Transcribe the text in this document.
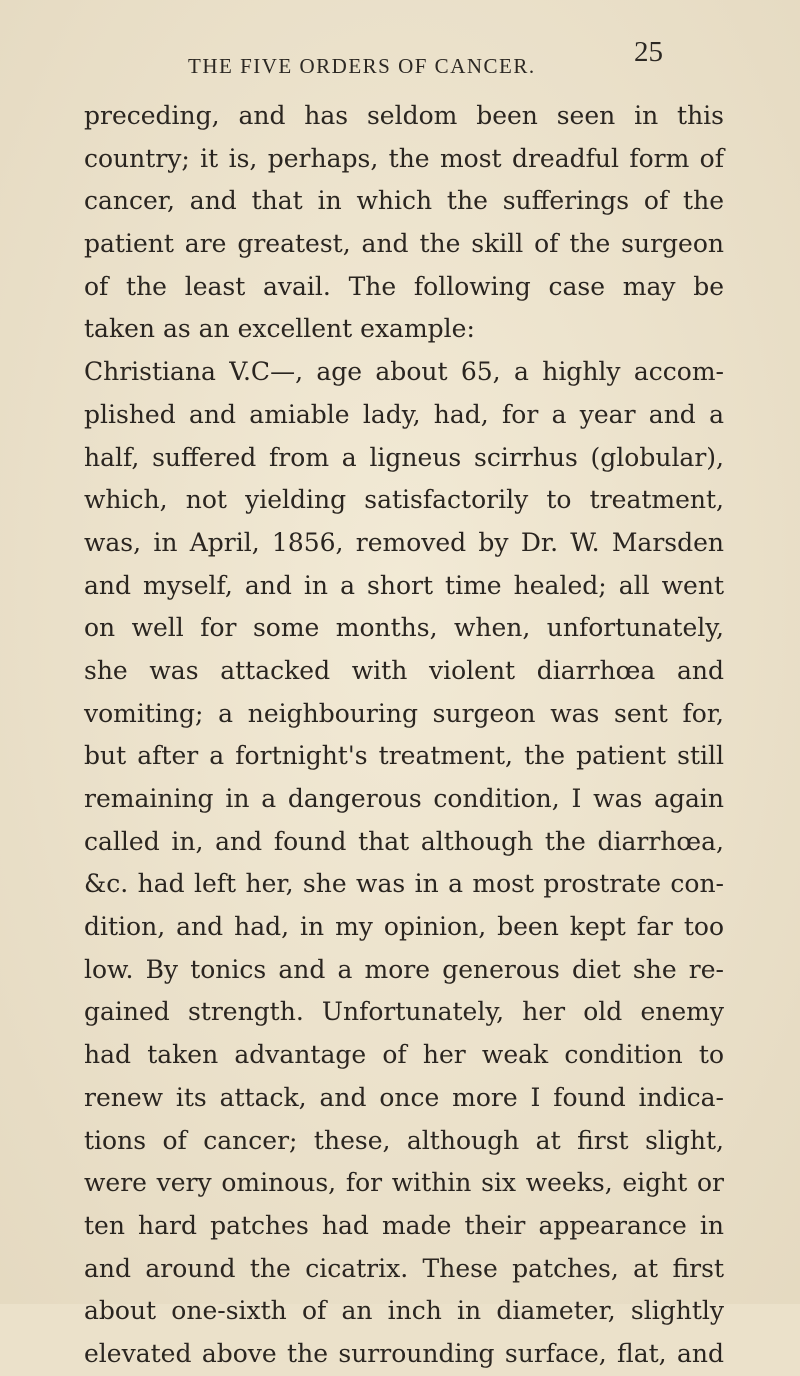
THE FIVE ORDERS OF CANCER.	25
preceding, and has seldom been seen in this
country; it is, perhaps, the most dreadful form of
cancer, and that in which the sufferings of the
patient are greatest, and the skill of the surgeon
of the least avail. The following case may be
taken as an excellent example:
Christiana V.C—, age about 65, a highly accom-
plished and amiable lady, had, for a year and a
half, suffered from a ligneus scirrhus (globular),
which, not yielding satisfactorily to treatment,
was, in April, 1856, removed by Dr. W. Marsden
and myself, and in a short time healed; all went
on well for some months, when, unfortunately,
she was attacked with violent diarrhœa and
vomiting; a neighbouring surgeon was sent for,
but after a fortnight's treatment, the patient still
remaining in a dangerous condition, I was again
called in, and found that although the diarrhœa,
&c. had left her, she was in a most prostrate con-
dition, and had, in my opinion, been kept far too
low. By tonics and a more generous diet she re-
gained strength. Unfortunately, her old enemy
had taken advantage of her weak condition to
renew its attack, and once more I found indica-
tions of cancer; these, although at first slight,
were very ominous, for within six weeks, eight or
ten hard patches had made their appearance in
and around the cicatrix. These patches, at first
about one-sixth of an inch in diameter, slightly
elevated above the surrounding surface, flat, and
